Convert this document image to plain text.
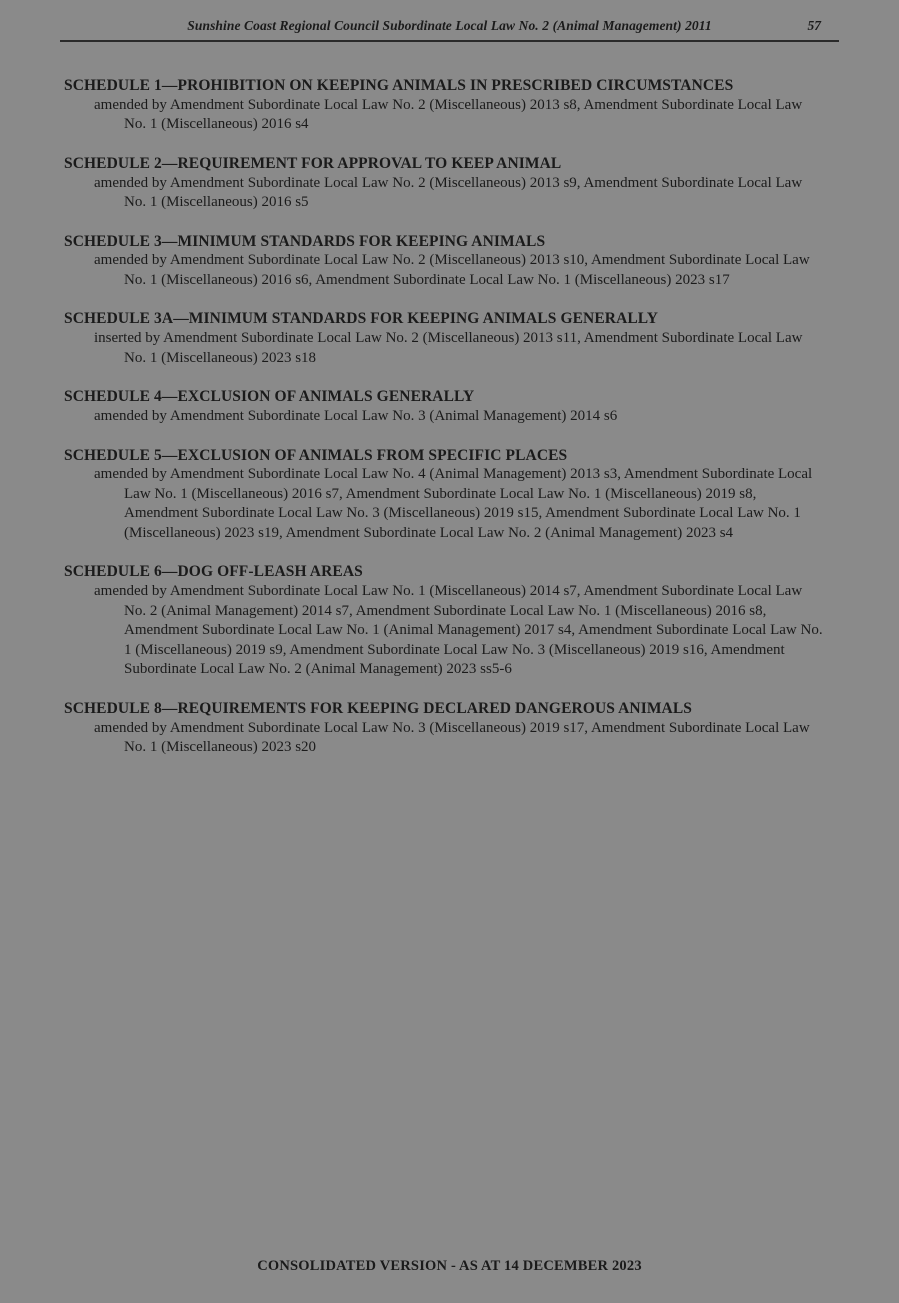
Sunshine Coast Regional Council Subordinate Local Law No. 2 (Animal Management) 2011	57
SCHEDULE 1—PROHIBITION ON KEEPING ANIMALS IN PRESCRIBED CIRCUMSTANCES
amended by Amendment Subordinate Local Law No. 2 (Miscellaneous) 2013 s8, Amendment Subordinate Local Law No. 1 (Miscellaneous) 2016 s4
SCHEDULE 2—REQUIREMENT FOR APPROVAL TO KEEP ANIMAL
amended by Amendment Subordinate Local Law No. 2 (Miscellaneous) 2013 s9, Amendment Subordinate Local Law No. 1 (Miscellaneous) 2016 s5
SCHEDULE 3—MINIMUM STANDARDS FOR KEEPING ANIMALS
amended by Amendment Subordinate Local Law No. 2 (Miscellaneous) 2013 s10, Amendment Subordinate Local Law No. 1 (Miscellaneous) 2016 s6, Amendment Subordinate Local Law No. 1 (Miscellaneous) 2023 s17
SCHEDULE 3A—MINIMUM STANDARDS FOR KEEPING ANIMALS GENERALLY
inserted by Amendment Subordinate Local Law No. 2 (Miscellaneous) 2013 s11, Amendment Subordinate Local Law No. 1 (Miscellaneous) 2023 s18
SCHEDULE 4—EXCLUSION OF ANIMALS GENERALLY
amended by Amendment Subordinate Local Law No. 3 (Animal Management) 2014 s6
SCHEDULE 5—EXCLUSION OF ANIMALS FROM SPECIFIC PLACES
amended by Amendment Subordinate Local Law No. 4 (Animal Management) 2013 s3, Amendment Subordinate Local Law No. 1 (Miscellaneous) 2016 s7, Amendment Subordinate Local Law No. 1 (Miscellaneous) 2019 s8, Amendment Subordinate Local Law No. 3 (Miscellaneous) 2019 s15, Amendment Subordinate Local Law No. 1 (Miscellaneous) 2023 s19, Amendment Subordinate Local Law No. 2 (Animal Management) 2023 s4
SCHEDULE 6—DOG OFF-LEASH AREAS
amended by Amendment Subordinate Local Law No. 1 (Miscellaneous) 2014 s7, Amendment Subordinate Local Law No. 2 (Animal Management) 2014 s7, Amendment Subordinate Local Law No. 1 (Miscellaneous) 2016 s8, Amendment Subordinate Local Law No. 1 (Animal Management) 2017 s4, Amendment Subordinate Local Law No. 1 (Miscellaneous) 2019 s9, Amendment Subordinate Local Law No. 3 (Miscellaneous) 2019 s16, Amendment Subordinate Local Law No. 2 (Animal Management) 2023 ss5-6
SCHEDULE 8—REQUIREMENTS FOR KEEPING DECLARED DANGEROUS ANIMALS
amended by Amendment Subordinate Local Law No. 3 (Miscellaneous) 2019 s17, Amendment Subordinate Local Law No. 1 (Miscellaneous) 2023 s20
CONSOLIDATED VERSION - AS AT 14 DECEMBER 2023
